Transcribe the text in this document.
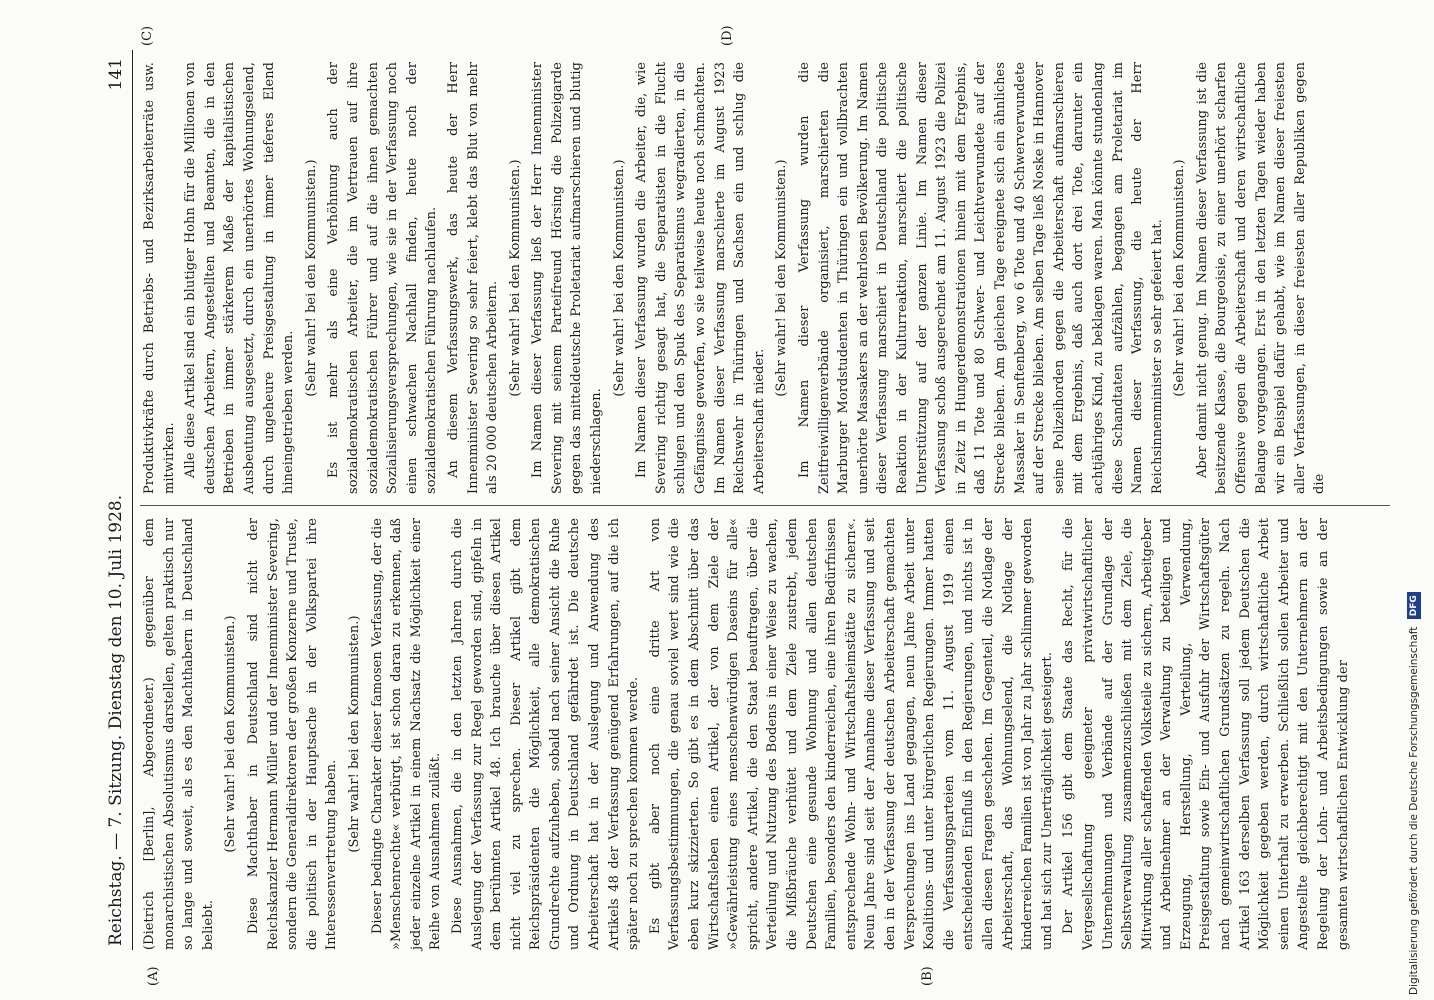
Reichstag. — 7. Sitzung. Dienstag den 10. Juli 1928.
141
(A)	(B)
(C)	(D)

(Dietrich [Berlin], Abgeordneter.) gegenüber dem monarchistischen Absolutismus darstellen, gelten praktisch nur so lange und soweit, als es den Machthabern in Deutschland beliebt.

(Sehr wahr! bei den Kommunisten.) Diese Machthaber in Deutschland sind nicht der Reichskanzler Hermann Müller und der Innenminister Severing, sondern die Generaldirektoren der großen Konzerne und Truste, die politisch in der Hauptsache in der Volkspartei ihre Interessenvertretung haben.

(Sehr wahr! bei den Kommunisten.) Dieser bedingte Charakter dieser famosen Verfassung, der die »Menschenrechte« verbürgt, ist schon daran zu erkennen, daß jeder einzelne Artikel in einem Nachsatz die Möglichkeit einer Reihe von Ausnahmen zuläßt. Diese Ausnahmen, die in den letzten Jahren durch die Auslegung der Verfassung zur Regel geworden sind, gipfeln in dem berühmten Artikel 48. Ich brauche über diesen Artikel nicht viel zu sprechen. Dieser Artikel gibt dem Reichspräsidenten die Möglichkeit, alle demokratischen Grundrechte aufzuheben, sobald nach seiner Ansicht die Ruhe und Ordnung in Deutschland gefährdet ist. Die deutsche Arbeiterschaft hat in der Auslegung und Anwendung des Artikels 48 der Verfassung genügend Erfahrungen, auf die ich später noch zu sprechen kommen werde. Es gibt aber noch eine dritte Art von Verfassungsbestimmungen, die genau soviel wert sind wie die eben kurz skizzierten. So gibt es in dem Abschnitt über das Wirtschaftsleben einen Artikel, der von dem Ziele der »Gewährleistung eines menschenwürdigen Daseins für alle« spricht, andere Artikel, die den Staat beauftragen, über die Verteilung und Nutzung des Bodens in einer Weise zu wachen, die Mißbräuche verhütet und dem Ziele zustrebt, jedem Deutschen eine gesunde Wohnung und allen deutschen Familien, besonders den kinderreichen, eine ihren Bedürfnissen entsprechende Wohn- und Wirtschaftsheimstätte zu sichern«. Neun Jahre sind seit der Annahme dieser Verfassung und seit den in der Verfassung der deutschen Arbeiterschaft gemachten Versprechungen ins Land gegangen, neun Jahre Arbeit unter Koalitions- und unter bürgerlichen Regierungen. Immer hatten die Verfassungsparteien vom 11. August 1919 einen entscheidenden Einfluß in den Regierungen, und nichts ist in allen diesen Fragen geschehen. Im Gegenteil, die Notlage der Arbeiterschaft, das Wohnungselend, die Notlage der kinderreichen Familien ist von Jahr zu Jahr schlimmer geworden und hat sich zur Unerträglichkeit gesteigert. Der Artikel 156 gibt dem Staate das Recht, für die Vergesellschaftung geeigneter privatwirtschaftlicher Unternehmungen und Verbände auf der Grundlage der Selbstverwaltung zusammenzuschließen mit dem Ziele, die Mitwirkung aller schaffenden Volksteile zu sichern, Arbeitgeber und Arbeitnehmer an der Verwaltung zu beteiligen und Erzeugung, Herstellung, Verteilung, Verwendung, Preisgestaltung sowie Ein- und Ausfuhr der Wirtschaftsgüter nach gemeinwirtschaftlichen Grundsätzen zu regeln. Nach Artikel 163 derselben Verfassung soll jedem Deutschen die Möglichkeit gegeben werden, durch wirtschaftliche Arbeit seinen Unterhalt zu erwerben. Schließlich sollen Arbeiter und Angestellte gleichberechtigt mit den Unternehmern an der Regelung der Lohn- und Arbeitsbedingungen sowie an der gesamten wirtschaftlichen Entwicklung der

Produktivkräfte durch Betriebs- und Bezirksarbeiterräte usw. mitwirken. Alle diese Artikel sind ein blutiger Hohn für die Millionen von deutschen Arbeitern, Angestellten und Beamten, die in den Betrieben in immer stärkerem Maße der kapitalistischen Ausbeutung ausgesetzt, durch ein unerhörtes Wohnungselend, durch ungeheure Preisgestaltung in immer tieferes Elend hineingetrieben werden.

(Sehr wahr! bei den Kommunisten.) Es ist mehr als eine Verhöhnung auch der sozialdemokratischen Arbeiter, die im Vertrauen auf ihre sozialdemokratischen Führer und auf die ihnen gemachten Sozialisierungsversprechungen, wie sie in der Verfassung noch einen schwachen Nachhall finden, heute noch der sozialdemokratischen Führung nachlaufen. An diesem Verfassungswerk, das heute der Herr Innenminister Severing so sehr feiert, klebt das Blut von mehr als 20 000 deutschen Arbeitern. (Sehr wahr! bei den Kommunisten.) Im Namen dieser Verfassung ließ der Herr Innenminister Severing mit seinem Parteifreund Hörsing die Polizeigarde gegen das mitteldeutsche Proletariat aufmarschieren und blutig niederschlagen.

(Sehr wahr! bei den Kommunisten.) Im Namen dieser Verfassung wurden die Arbeiter, die, wie Severing richtig gesagt hat, die Separatisten in die Flucht schlugen und den Spuk des Separatismus wegradierten, in die Gefängnisse geworfen, wo sie teilweise heute noch schmachten. Im Namen dieser Verfassung marschierte im August 1923 Reichswehr in Thüringen und Sachsen ein und schlug die Arbeiterschaft nieder.

(Sehr wahr! bei den Kommunisten.) Im Namen dieser Verfassung wurden die Zeitfreiwilligenverbände organisiert, marschierten die Marburger Mordstudenten in Thüringen ein und vollbrachten unerhörte Massakers an der wehrlosen Bevölkerung. Im Namen dieser Verfassung marschiert in Deutschland die politische Reaktion in der Kulturreaktion, marschiert die politische Unterstützung auf der ganzen Linie. Im Namen dieser Verfassung schoß ausgerechnet am 11. August 1923 die Polizei in Zeitz in Hungerdemonstrationen hinein mit dem Ergebnis, daß 11 Tote und 80 Schwer- und Leichtverwundete auf der Strecke blieben. Am gleichen Tage ereignete sich ein ähnliches Massaker in Senftenberg, wo 6 Tote und 40 Schwerverwundete auf der Strecke blieben. Am selben Tage ließ Noske in Hannover seine Polizeihorden gegen die Arbeiterschaft aufmarschieren mit dem Ergebnis, daß auch dort drei Tote, darunter ein achtjähriges Kind, zu beklagen waren. Man könnte stundenlang diese Schandtaten aufzählen, begangen am Proletariat im Namen dieser Verfassung, die heute der Herr Reichsinnenminister so sehr gefeiert hat. (Sehr wahr! bei den Kommunisten.) Aber damit nicht genug. Im Namen dieser Verfassung ist die besitzende Klasse, die Bourgeoisie, zu einer unerhört scharfen Offensive gegen die Arbeiterschaft und deren wirtschaftliche Belange vorgegangen. Erst in den letzten Tagen wieder haben wir ein Beispiel dafür gehabt, wie im Namen dieser freiesten aller Verfassungen, in dieser freiesten aller Republiken gegen die

Digitalisierung gefördert durch die Deutsche Forschungsgemeinschaft DFG
